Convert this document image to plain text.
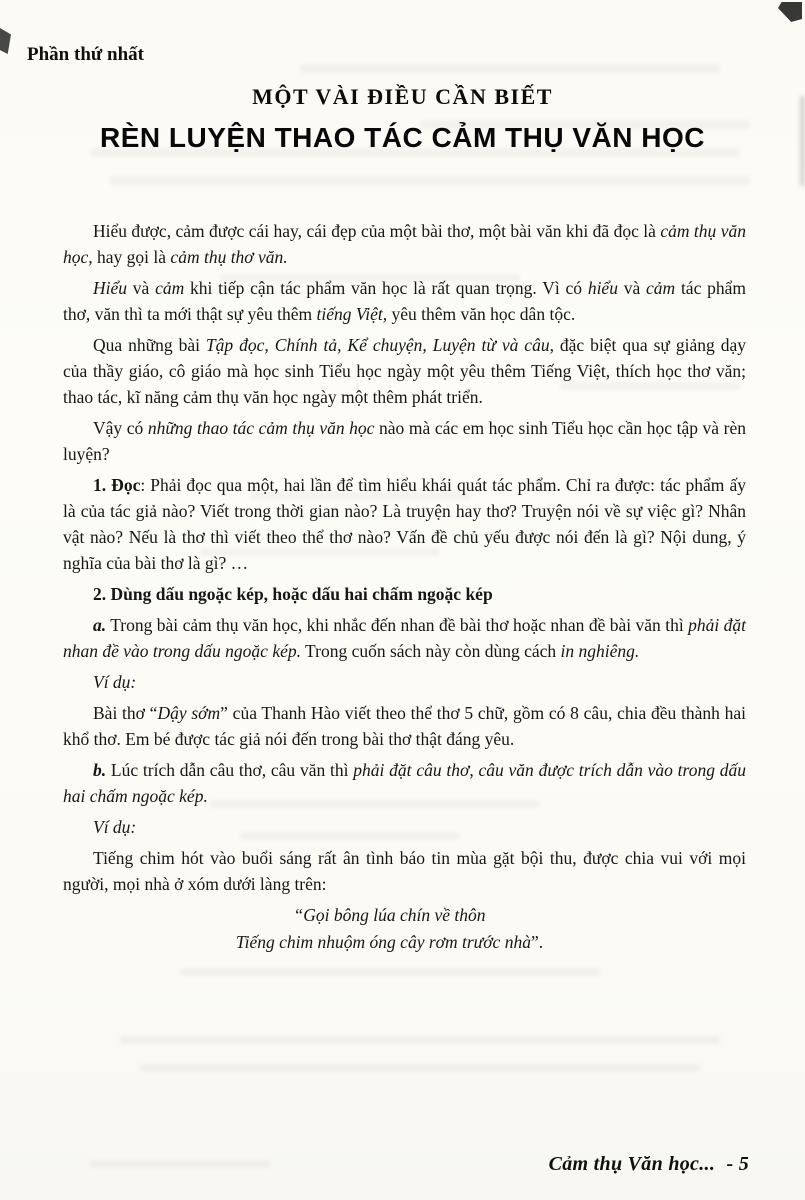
Phần thứ nhất
MỘT VÀI ĐIỀU CẦN BIẾT
RÈN LUYỆN THAO TÁC CẢM THỤ VĂN HỌC

Hiểu được, cảm được cái hay, cái đẹp của một bài thơ, một bài văn khi đã đọc là cảm thụ văn học, hay gọi là cảm thụ thơ văn.

Hiểu và cảm khi tiếp cận tác phẩm văn học là rất quan trọng. Vì có hiểu và cảm tác phẩm thơ, văn thì ta mới thật sự yêu thêm tiếng Việt, yêu thêm văn học dân tộc.

Qua những bài Tập đọc, Chính tả, Kể chuyện, Luyện từ và câu, đặc biệt qua sự giảng dạy của thầy giáo, cô giáo mà học sinh Tiểu học ngày một yêu thêm Tiếng Việt, thích học thơ văn; thao tác, kĩ năng cảm thụ văn học ngày một thêm phát triển.

Vậy có những thao tác cảm thụ văn học nào mà các em học sinh Tiểu học cần học tập và rèn luyện?

1. Đọc: Phải đọc qua một, hai lần để tìm hiểu khái quát tác phẩm. Chỉ ra được: tác phẩm ấy là của tác giả nào? Viết trong thời gian nào? Là truyện hay thơ? Truyện nói về sự việc gì? Nhân vật nào? Nếu là thơ thì viết theo thể thơ nào? Vấn đề chủ yếu được nói đến là gì? Nội dung, ý nghĩa của bài thơ là gì? …

2. Dùng dấu ngoặc kép, hoặc dấu hai chấm ngoặc kép

a. Trong bài cảm thụ văn học, khi nhắc đến nhan đề bài thơ hoặc nhan đề bài văn thì phải đặt nhan đề vào trong dấu ngoặc kép. Trong cuốn sách này còn dùng cách in nghiêng.

Ví dụ:

Bài thơ “Dậy sớm” của Thanh Hào viết theo thể thơ 5 chữ, gồm có 8 câu, chia đều thành hai khổ thơ. Em bé được tác giả nói đến trong bài thơ thật đáng yêu.

b. Lúc trích dẫn câu thơ, câu văn thì phải đặt câu thơ, câu văn được trích dẫn vào trong dấu hai chấm ngoặc kép.

Ví dụ:

Tiếng chim hót vào buổi sáng rất ân tình báo tin mùa gặt bội thu, được chia vui với mọi người, mọi nhà ở xóm dưới làng trên:

“Gọi bông lúa chín về thôn

Tiếng chim nhuộm óng cây rơm trước nhà”.

Cảm thụ Văn học... - 5
